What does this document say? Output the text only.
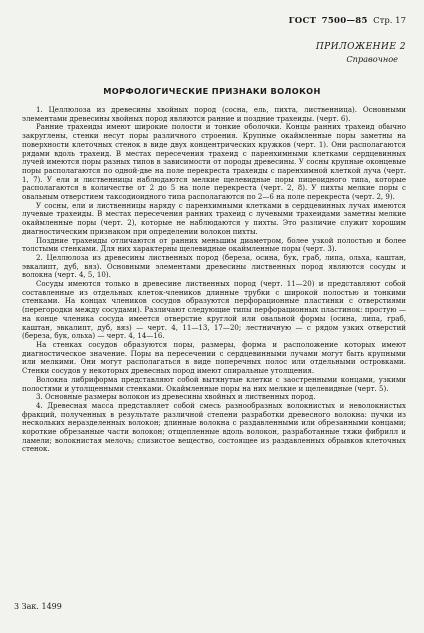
ГОСТ 7500—85 Стр. 17
ПРИЛОЖЕНИЕ 2
Справочное
МОРФОЛОГИЧЕСКИЕ ПРИЗНАКИ ВОЛОКОН

1. Целлюлоза из древесины хвойных пород (сосна, ель, пихта, лиственница). Основными элементами древесины хвойных пород являются ранние и поздние трахеиды. (черт. 6).

Ранние трахеиды имеют широкие полости и тонкие оболочки. Концы ранних трахеид обычно закруглены, стенки несут поры различного строения. Крупные окаймленные поры заметны на поверхности клеточных стенок в виде двух концентрических кружков (черт. 1). Они располагаются рядами вдоль трахеид. В местах пересечения трахеид с паренхимными клетками сердцевинных лучей имеются поры разных типов в зависимости от породы древесины. У сосны крупные оконцевые поры располагаются по одной-две на поле перекреста трахеиды с паренхимной клеткой луча (черт. 1, 7). У ели и лиственницы наблюдаются мелкие щелевидные поры пицеоидного типа, которые располагаются в количестве от 2 до 5 на поле перекреста (черт. 2, 8). У пихты мелкие поры с овальным отверстием таксодиоидного типа располагаются по 2—6 на поле перекреста (черт. 2, 9).

У сосны, ели и лиственницы наряду с паренхимными клетками в сердцевинных лучах имеются лучевые трахеиды. В местах пересечения ранних трахеид с лучевыми трахеидами заметны мелкие окаймленные поры (черт. 2), которые не наблюдаются у пихты. Это различие служит хорошим диагностическим признаком при определении волокон пихты.

Поздние трахеиды отличаются от ранних меньшим диаметром, более узкой полостью и более толстыми стенками. Для них характерны щелевидные окаймленные поры (черт. 3).

2. Целлюлоза из древесины лиственных пород (береза, осина, бук, граб, липа, ольха, каштан, эвкалипт, дуб, вяз). Основными элементами древесины лиственных пород являются сосуды и волокна (черт. 4, 5, 10).

Сосуды имеются только в древесине лиственных пород (черт. 11—20) и представляют собой составленные из отдельных клеток-члеников длинные трубки с широкой полостью и тонкими стенками. На концах члеников сосудов образуются перфорационные пластинки с отверстиями (перегородки между сосудами). Различают следующие типы перфорационных пластинок: простую — на конце членика сосуда имеется отверстие круглой или овальной формы (осина, липа, граб, каштан, эвкалипт, дуб, вяз) — черт. 4, 11—13, 17—20; лестничную — с рядом узких отверстий (береза, бук, ольха) — черт. 4, 14—16.

На стенках сосудов образуются поры, размеры, форма и расположение которых имеют диагностическое значение. Поры на пересечении с сердцевинными лучами могут быть крупными или мелкими. Они могут располагаться в виде поперечных полос или отдельными островками. Стенки сосудов у некоторых древесных пород имеют спиральные утолщения.

Волокна либриформа представляют собой вытянутые клетки с заостренными концами, узкими полостями и утолщенными стенками. Окаймленные поры на них мелкие и щелевидные (черт. 5).

3. Основные размеры волокон из древесины хвойных и лиственных пород.

4. Древесная масса представляет собой смесь разнообразных волокнистых и неволокнистых фракций, полученных в результате различной степени разработки древесного волокна: пучки из нескольких неразделенных волокон; длинные волокна с раздавленными или обрезанными концами; короткие обрезанные части волокон; отщепленные вдоль волокон, разработанные тяжи фибрилл и ламели; волокнистая мелочь; слизистое вещество, состоящее из раздавленных обрывков клеточных стенок.

3 Зак. 1499
